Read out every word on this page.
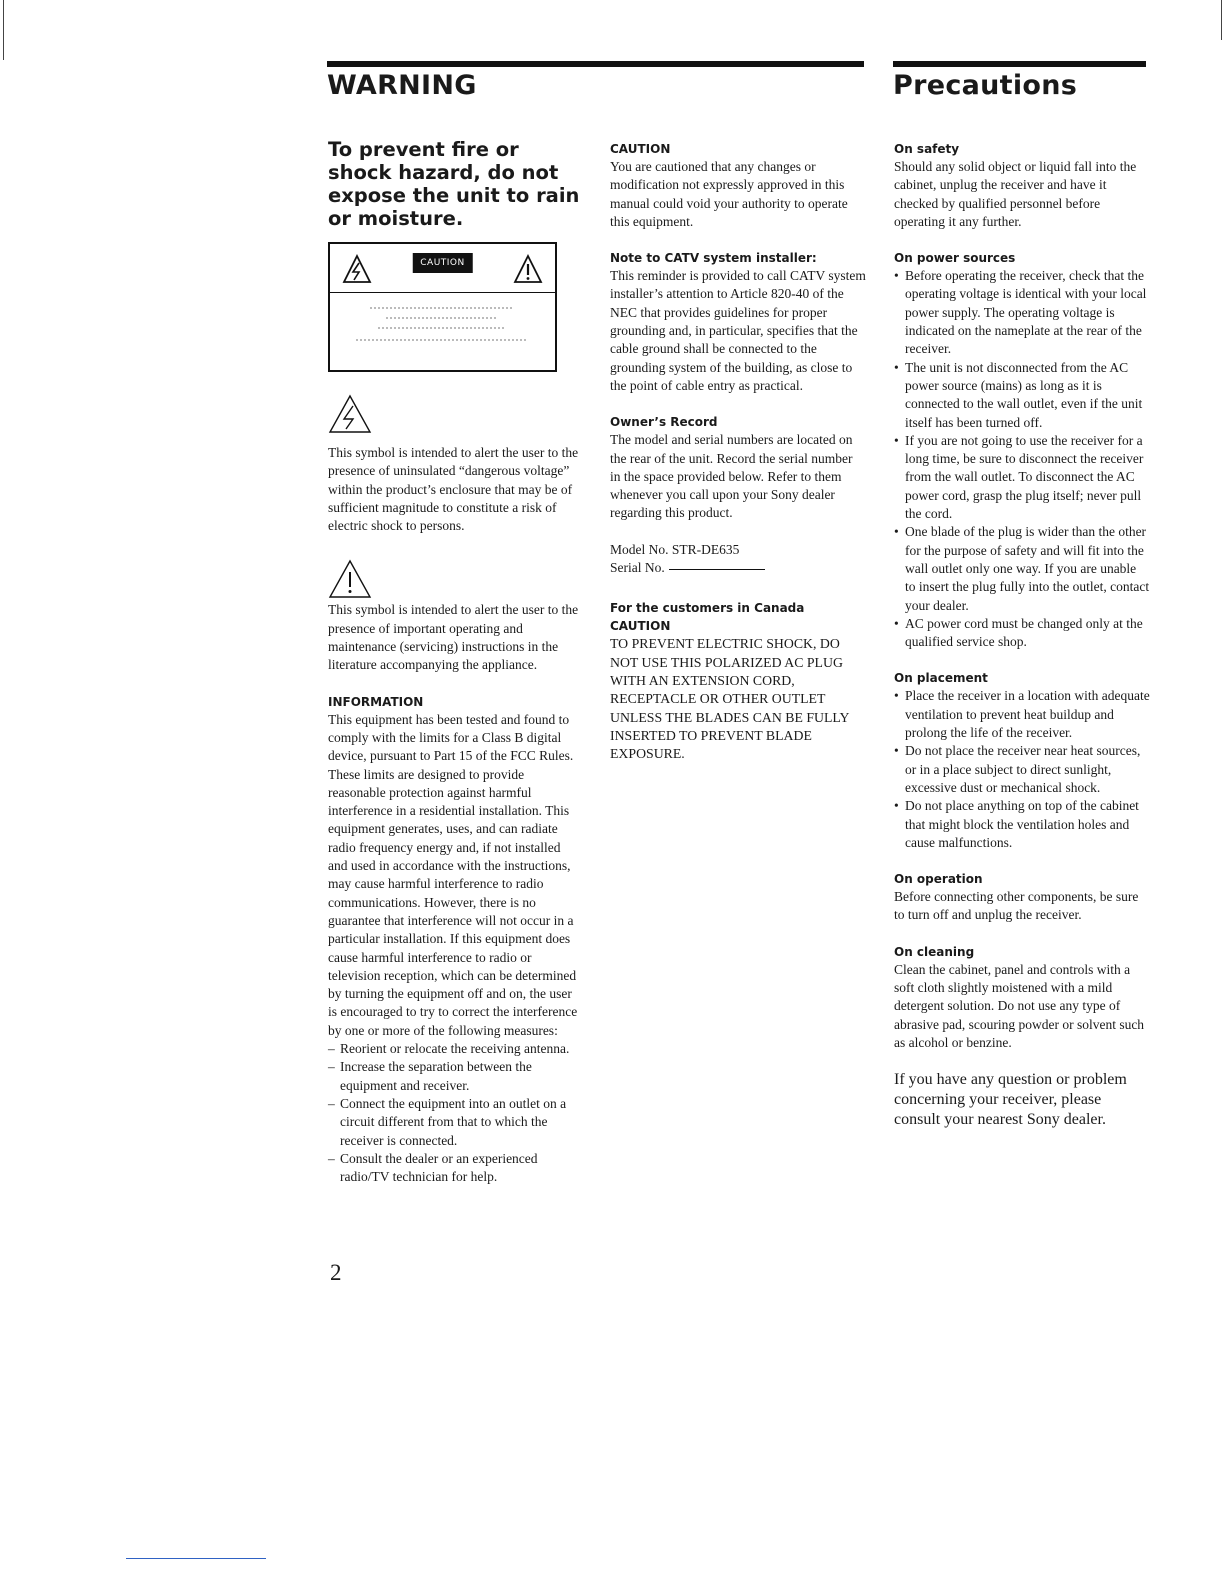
WARNING	Precautions

To prevent fire or shock hazard, do not expose the unit to rain or moisture.

CAUTION

This symbol is intended to alert the user to the presence of uninsulated “dangerous voltage” within the product’s enclosure that may be of sufficient magnitude to constitute a risk of electric shock to persons.

This symbol is intended to alert the user to the presence of important operating and maintenance (servicing) instructions in the literature accompanying the appliance.

INFORMATION

This equipment has been tested and found to comply with the limits for a Class B digital device, pursuant to Part 15 of the FCC Rules.

These limits are designed to provide reasonable protection against harmful interference in a residential installation. This equipment generates, uses, and can radiate radio frequency energy and, if not installed and used in accordance with the instructions, may cause harmful interference to radio communications. However, there is no guarantee that interference will not occur in a particular installation. If this equipment does cause harmful interference to radio or television reception, which can be determined by turning the equipment off and on, the user is encouraged to try to correct the interference by one or more of the following measures:

– Reorient or relocate the receiving antenna.
– Increase the separation between the equipment and receiver.
– Connect the equipment into an outlet on a circuit different from that to which the receiver is connected.
– Consult the dealer or an experienced radio/TV technician for help.

CAUTION

You are cautioned that any changes or modification not expressly approved in this manual could void your authority to operate this equipment.

Note to CATV system installer:

This reminder is provided to call CATV system installer’s attention to Article 820-40 of the NEC that provides guidelines for proper grounding and, in particular, specifies that the cable ground shall be connected to the grounding system of the building, as close to the point of cable entry as practical.

Owner’s Record

The model and serial numbers are located on the rear of the unit. Record the serial number in the space provided below. Refer to them whenever you call upon your Sony dealer regarding this product.

Model No. STR-DE635

Serial No.

For the customers in Canada

CAUTION

TO PREVENT ELECTRIC SHOCK, DO NOT USE THIS POLARIZED AC PLUG WITH AN EXTENSION CORD, RECEPTACLE OR OTHER OUTLET UNLESS THE BLADES CAN BE FULLY INSERTED TO PREVENT BLADE EXPOSURE.

On safety

Should any solid object or liquid fall into the cabinet, unplug the receiver and have it checked by qualified personnel before operating it any further.

On power sources

• Before operating the receiver, check that the operating voltage is identical with your local power supply. The operating voltage is indicated on the nameplate at the rear of the receiver.
• The unit is not disconnected from the AC power source (mains) as long as it is connected to the wall outlet, even if the unit itself has been turned off.
• If you are not going to use the receiver for a long time, be sure to disconnect the receiver from the wall outlet. To disconnect the AC power cord, grasp the plug itself; never pull the cord.
• One blade of the plug is wider than the other for the purpose of safety and will fit into the wall outlet only one way. If you are unable to insert the plug fully into the outlet, contact your dealer.
• AC power cord must be changed only at the qualified service shop.

On placement

• Place the receiver in a location with adequate ventilation to prevent heat buildup and prolong the life of the receiver.
• Do not place the receiver near heat sources, or in a place subject to direct sunlight, excessive dust or mechanical shock.
• Do not place anything on top of the cabinet that might block the ventilation holes and cause malfunctions.

On operation

Before connecting other components, be sure to turn off and unplug the receiver.

On cleaning

Clean the cabinet, panel and controls with a soft cloth slightly moistened with a mild detergent solution. Do not use any type of abrasive pad, scouring powder or solvent such as alcohol or benzine.

If you have any question or problem concerning your receiver, please consult your nearest Sony dealer.

2
